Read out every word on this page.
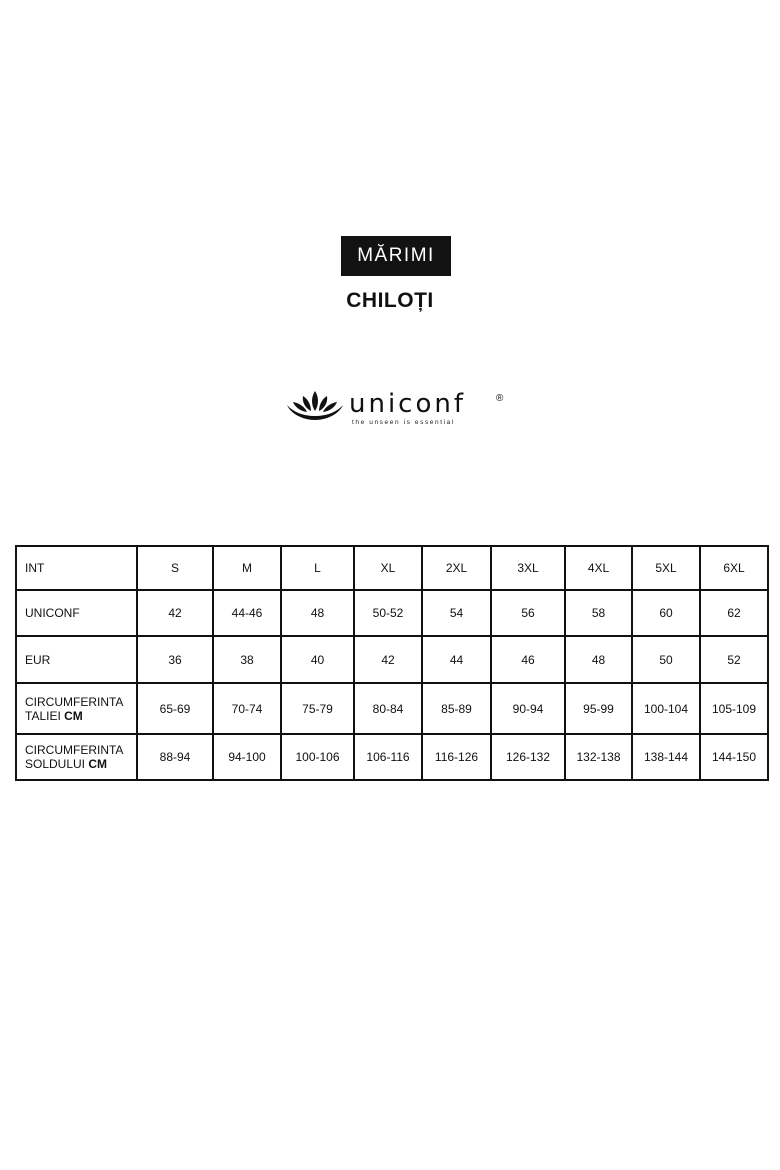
MĂRIMI
CHILOȚI
uniconf	®
the unseen is essential
INT	S	M	L	XL	2XL	3XL	4XL	5XL	6XL
UNICONF	42	44-46	48	50-52	54	56	58	60	62
EUR	36	38	40	42	44	46	48	50	52
CIRCUMFERINTA
TALIEI CM	65-69	70-74	75-79	80-84	85-89	90-94	95-99	100-104	105-109
CIRCUMFERINTA
SOLDULUI CM	88-94	94-100	100-106	106-116	116-126	126-132	132-138	138-144	144-150
